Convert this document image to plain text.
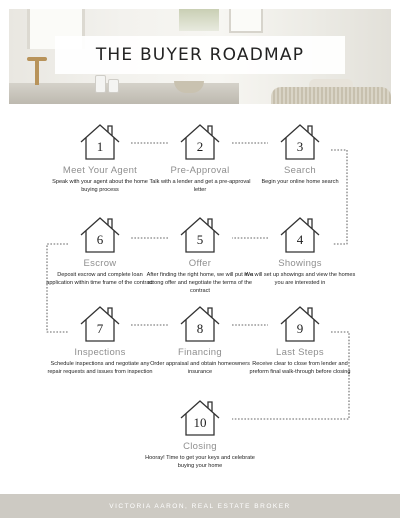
THE BUYER ROADMAP
1
Meet Your Agent

Speak with your agent about the home buying process

2
Pre-Approval

Talk with a lender and get a pre-approval letter

3
Search

Begin your online home search

6
Escrow

Deposit escrow and complete loan application within time frame of the contract

5
Offer

After finding the right home, we will put in a strong offer and negotiate the terms of the contract

4
Showings

We will set up showings and view the homes you are interested in

7
Inspections

Schedule inspections and negotiate any repair requests and issues from inspection

8
Financing

Order appraisal and obtain homeowners insurance

9
Last Steps

Receive clear to close from lender and preform final walk-through before closing

10
Closing

Hooray! Time to get your keys and celebrate buying your home

VICTORIA AARON, REAL ESTATE BROKER
